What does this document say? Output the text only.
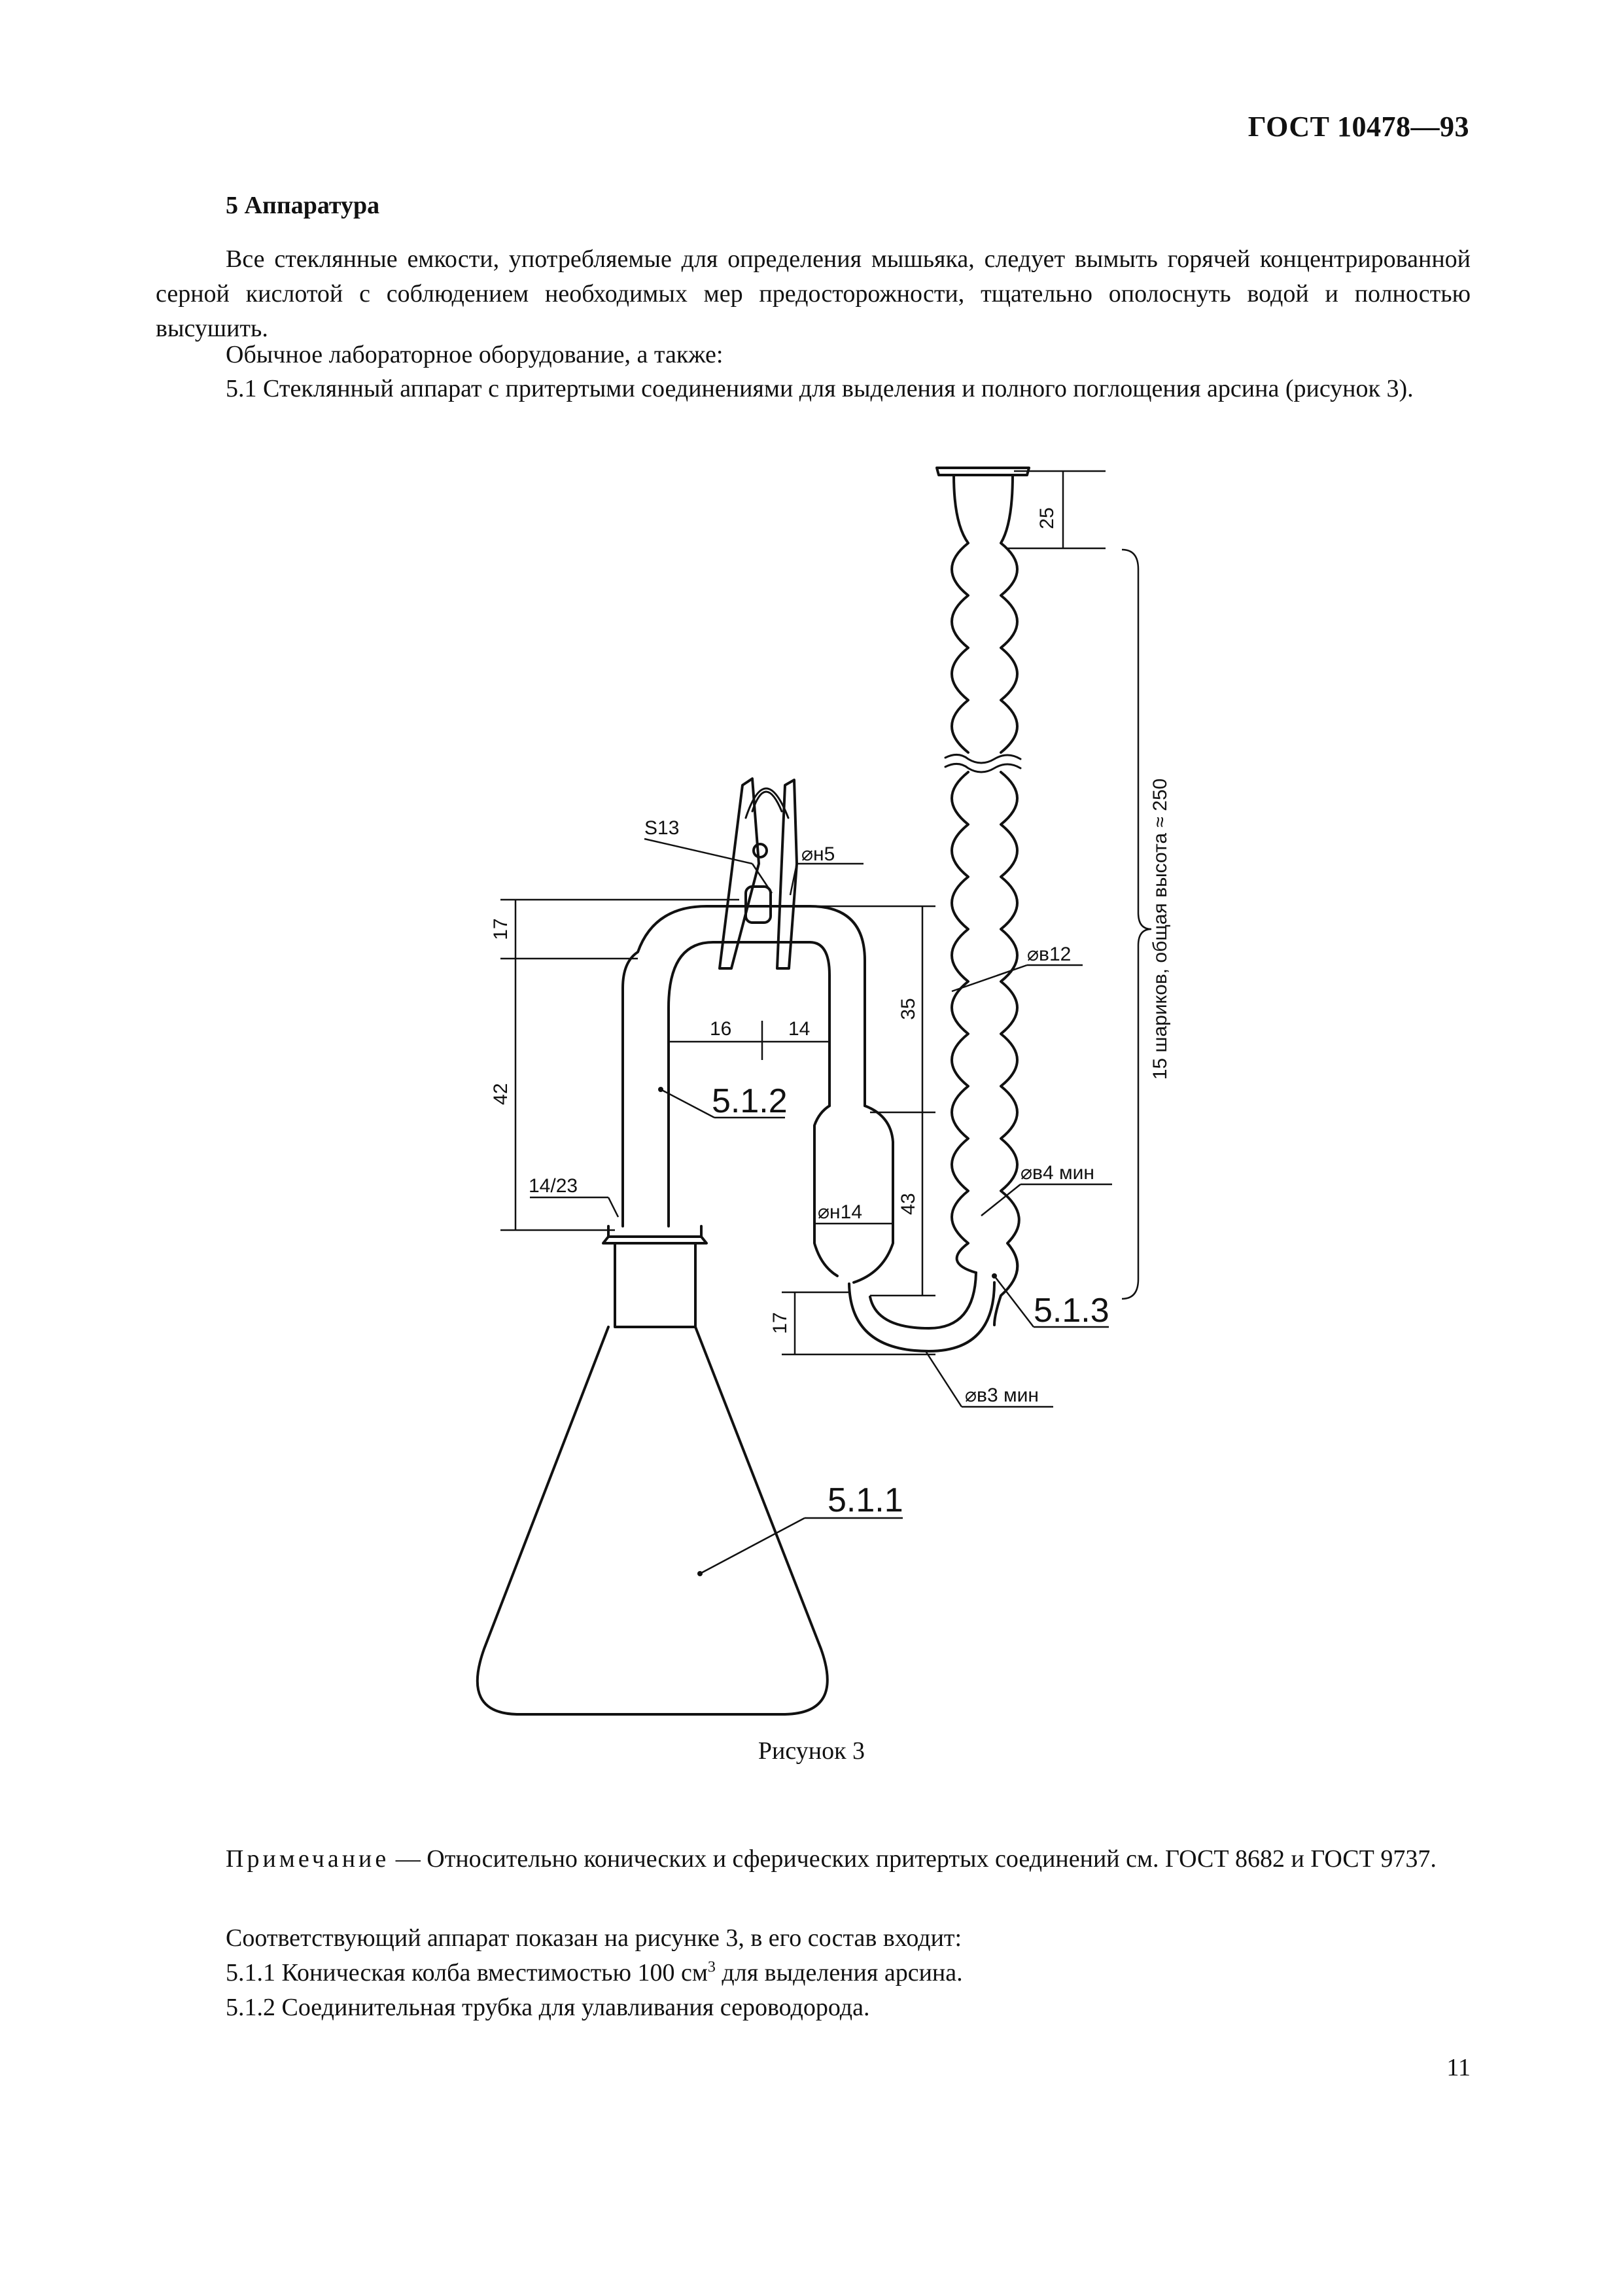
ГОСТ 10478—93
5 Аппаратура
Все стеклянные емкости, употребляемые для определения мышьяка, следует вымыть горячей концентрированной серной кислотой с соблюдением необходимых мер предосторожности, тщательно ополоснуть водой и полностью высушить.
Обычное лабораторное оборудование, а также:
5.1 Стеклянный аппарат с притертыми соединениями для выделения и полного поглощения арсина (рисунок 3).
5.1.2
5.1.1
5.1.3
S13
14/23
⌀н5
⌀в12
⌀в4 мин
⌀н14
⌀в3 мин
16	14
25
17
42
35
43
17
15 шариков, общая высота ≈ 250
Рисунок 3
Примечание — Относительно конических и сферических притертых соединений см. ГОСТ 8682 и ГОСТ 9737.
Соответствующий аппарат показан на рисунке 3, в его состав входит:
5.1.1 Коническая колба вместимостью 100 $см^3$ для выделения арсина.
5.1.2 Соединительная трубка для улавливания сероводорода.
11
